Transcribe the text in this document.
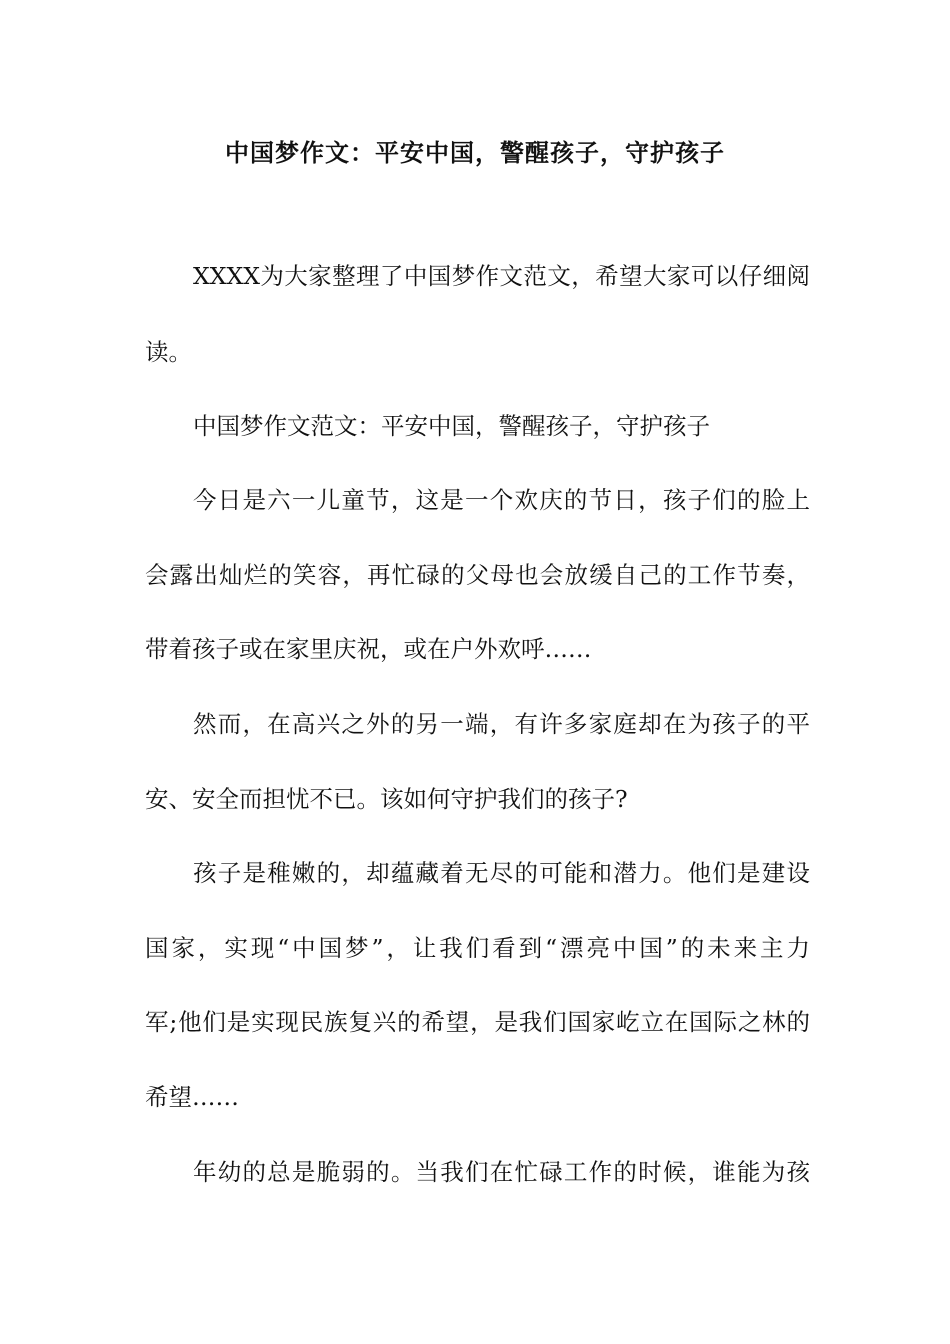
中国梦作文：平安中国，警醒孩子，守护孩子

XXXX为大家整理了中国梦作文范文，希望大家可以仔细阅

读。

中国梦作文范文：平安中国，警醒孩子，守护孩子

今日是六一儿童节，这是一个欢庆的节日，孩子们的脸上

会露出灿烂的笑容，再忙碌的父母也会放缓自己的工作节奏，

带着孩子或在家里庆祝，或在户外欢呼……

然而，在高兴之外的另一端，有许多家庭却在为孩子的平

安、安全而担忧不已。该如何守护我们的孩子?

孩子是稚嫩的，却蕴藏着无尽的可能和潜力。他们是建设

国家，实现“中国梦”，让我们看到“漂亮中国”的未来主力

军;他们是实现民族复兴的希望，是我们国家屹立在国际之林的

希望……

年幼的总是脆弱的。当我们在忙碌工作的时候，谁能为孩
